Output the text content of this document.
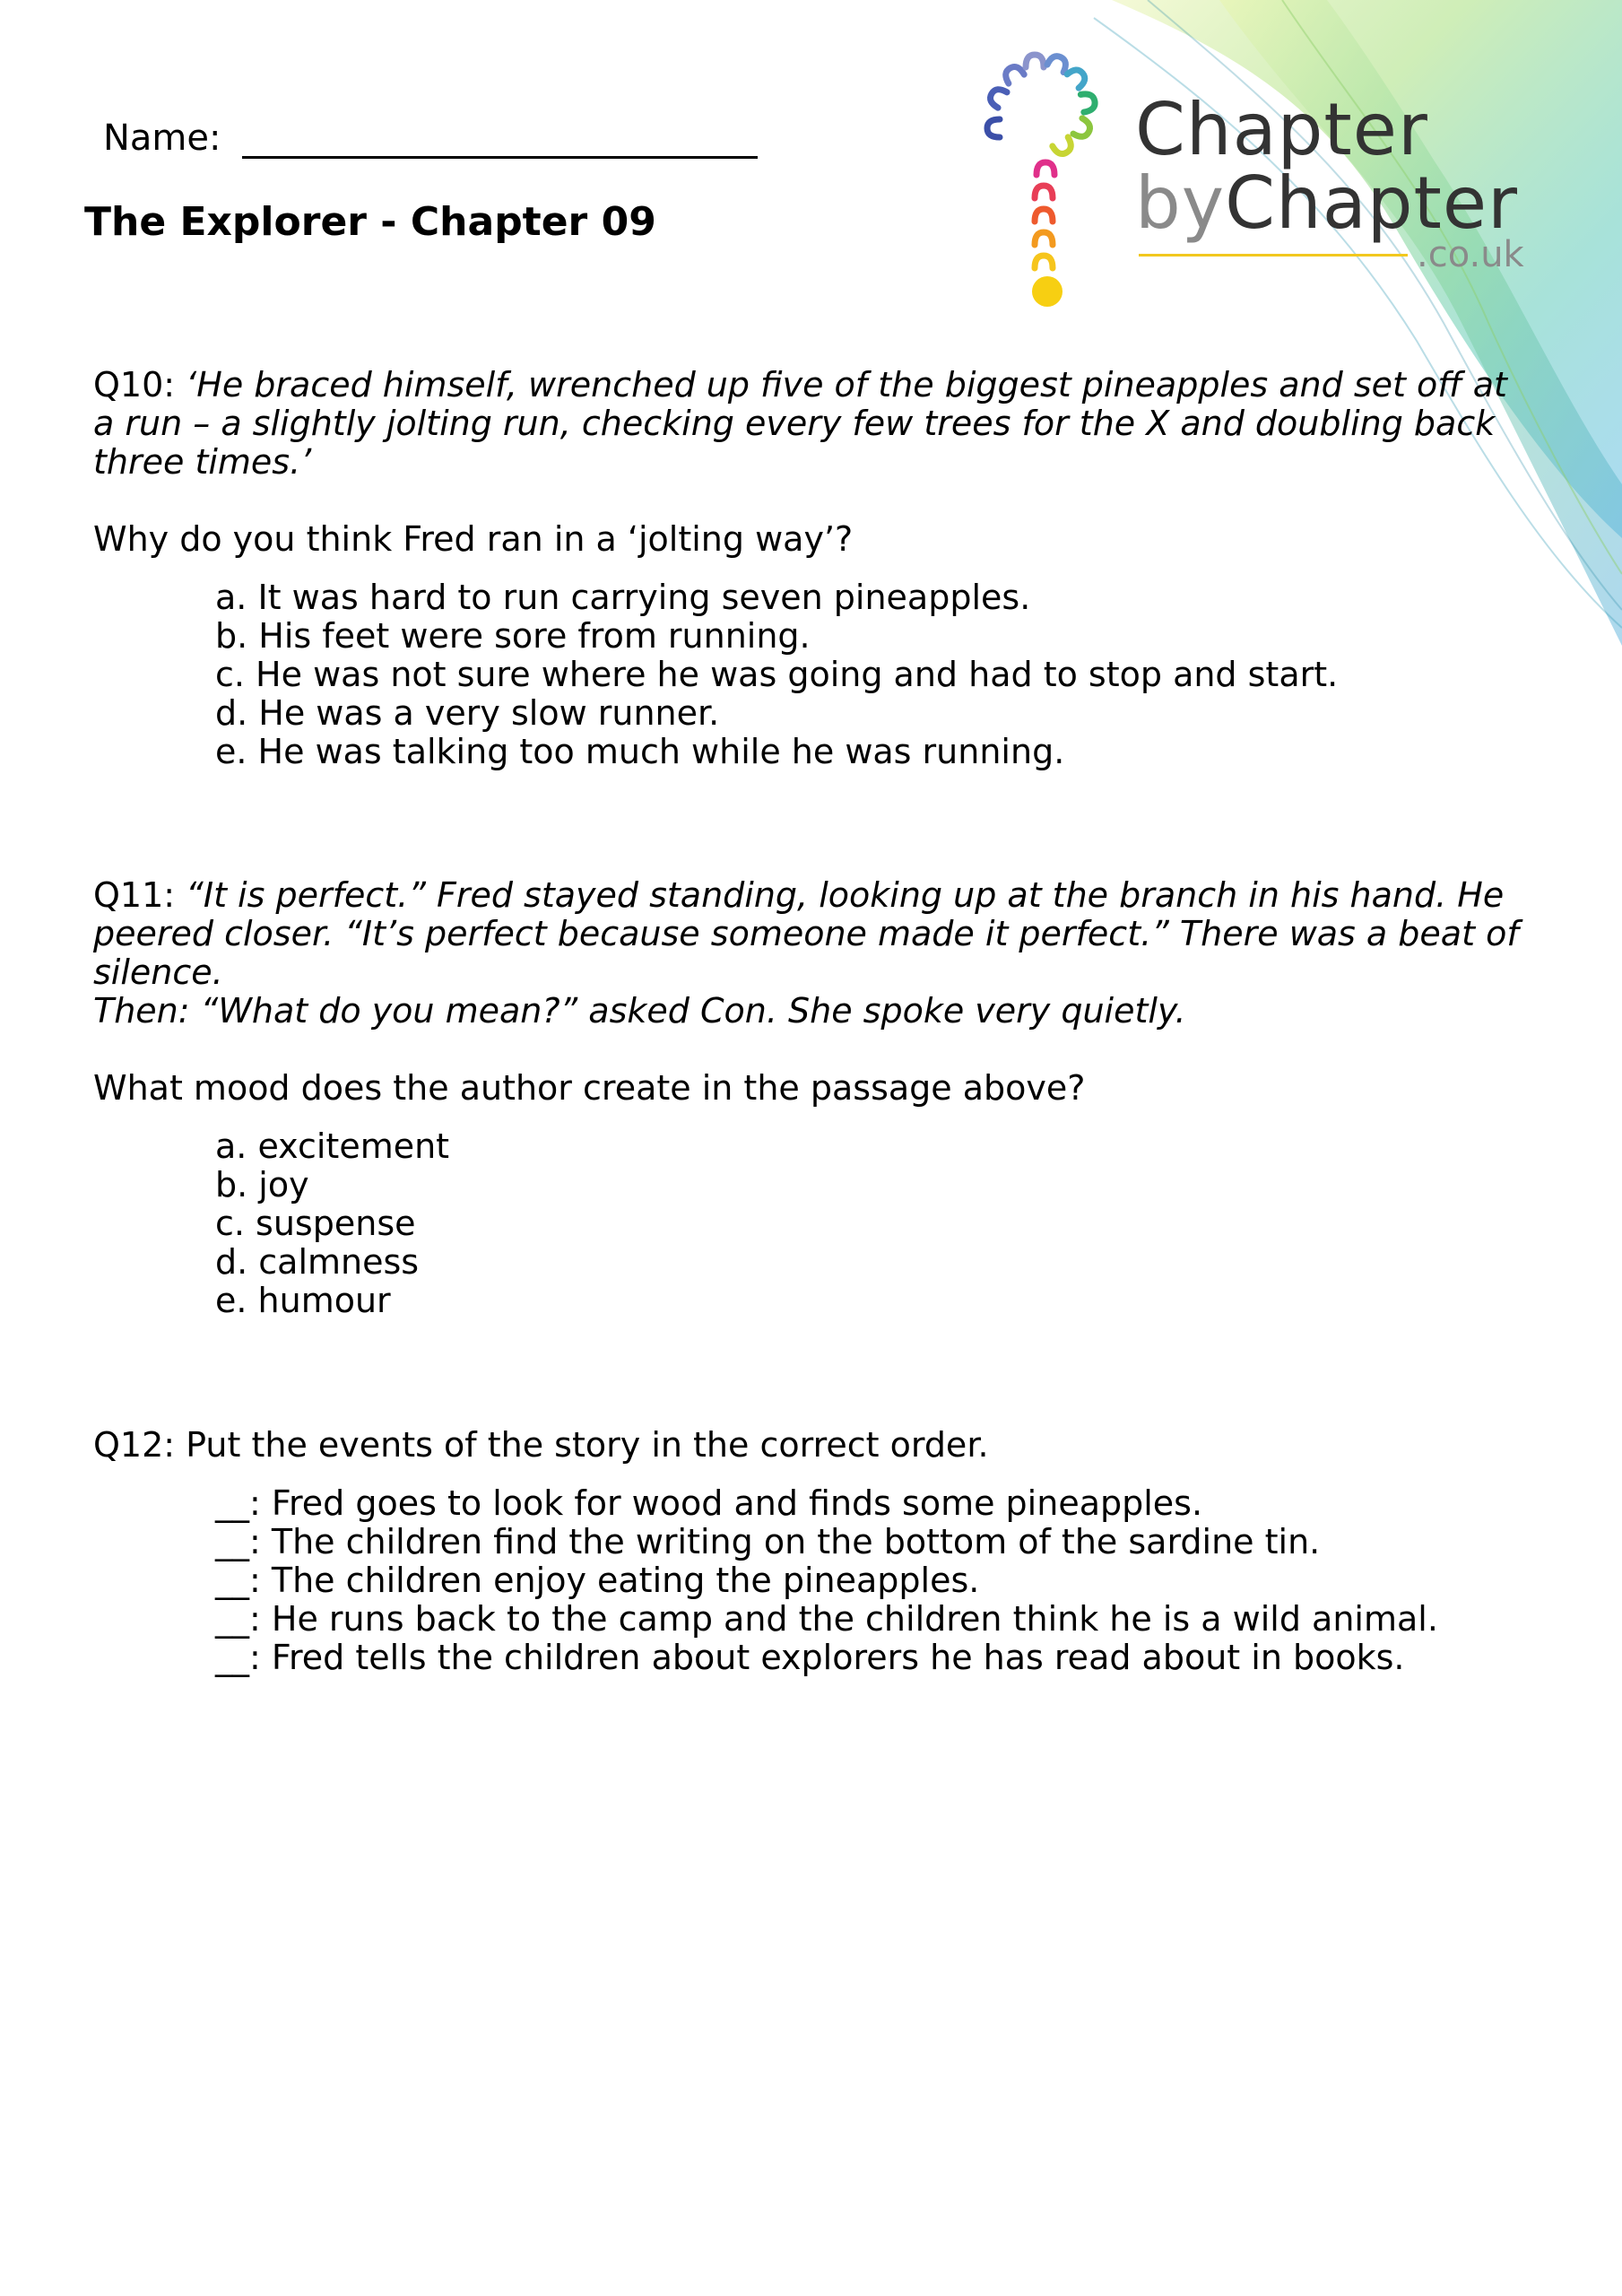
Name:
The Explorer - Chapter 09
Chapter
byChapter
.co.uk

Q10: ‘He braced himself, wrenched up five of the biggest pineapples and set off at a run – a slightly jolting run, checking every few trees for the X and doubling back three times.’

Why do you think Fred ran in a ‘jolting way’?

a. It was hard to run carrying seven pineapples.
b. His feet were sore from running.
c. He was not sure where he was going and had to stop and start.
d. He was a very slow runner.
e. He was talking too much while he was running.

Q11: “It is perfect.” Fred stayed standing, looking up at the branch in his hand. He peered closer. “It’s perfect because someone made it perfect.” There was a beat of silence.

Then: “What do you mean?” asked Con. She spoke very quietly.

What mood does the author create in the passage above?

a. excitement
b. joy
c. suspense
d. calmness
e. humour

Q12: Put the events of the story in the correct order.

__: Fred goes to look for wood and finds some pineapples.
__: The children find the writing on the bottom of the sardine tin.
__: The children enjoy eating the pineapples.
__: He runs back to the camp and the children think he is a wild animal.
__: Fred tells the children about explorers he has read about in books.
